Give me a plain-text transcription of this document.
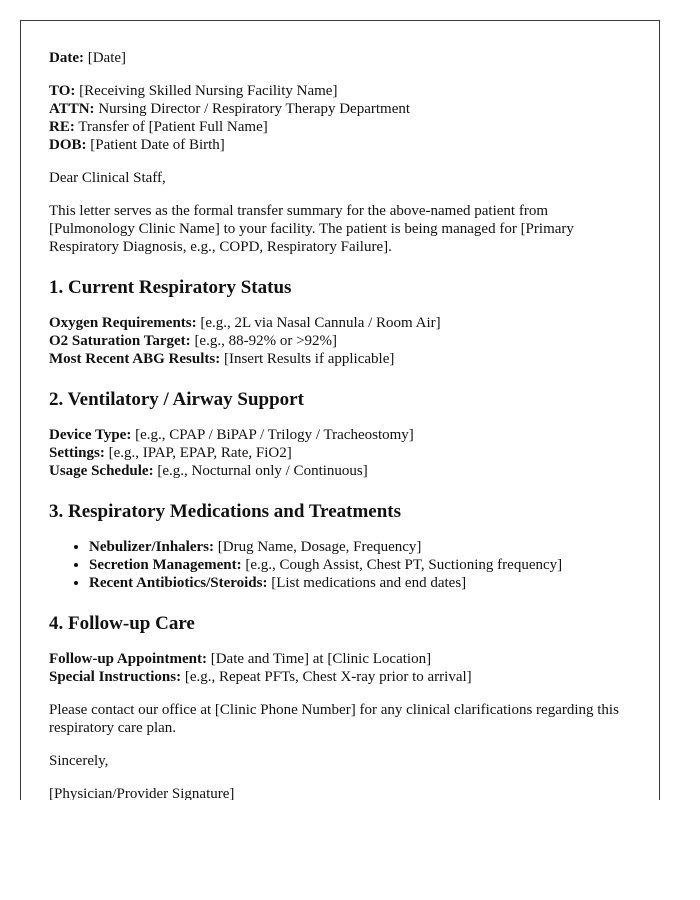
Date: [Date]

TO: [Receiving Skilled Nursing Facility Name]
ATTN: Nursing Director / Respiratory Therapy Department
RE: Transfer of [Patient Full Name]
DOB: [Patient Date of Birth]

Dear Clinical Staff,

This letter serves as the formal transfer summary for the above-named patient from [Pulmonology Clinic Name] to your facility. The patient is being managed for [Primary Respiratory Diagnosis, e.g., COPD, Respiratory Failure].

1. Current Respiratory Status

Oxygen Requirements: [e.g., 2L via Nasal Cannula / Room Air]
O2 Saturation Target: [e.g., 88-92% or >92%]
Most Recent ABG Results: [Insert Results if applicable]

2. Ventilatory / Airway Support

Device Type: [e.g., CPAP / BiPAP / Trilogy / Tracheostomy]
Settings: [e.g., IPAP, EPAP, Rate, FiO2]
Usage Schedule: [e.g., Nocturnal only / Continuous]

3. Respiratory Medications and Treatments
• Nebulizer/Inhalers: [Drug Name, Dosage, Frequency]
• Secretion Management: [e.g., Cough Assist, Chest PT, Suctioning frequency]
• Recent Antibiotics/Steroids: [List medications and end dates]
4. Follow-up Care

Follow-up Appointment: [Date and Time] at [Clinic Location]
Special Instructions: [e.g., Repeat PFTs, Chest X-ray prior to arrival]

Please contact our office at [Clinic Phone Number] for any clinical clarifications regarding this respiratory care plan.

Sincerely,

[Physician/Provider Signature]
